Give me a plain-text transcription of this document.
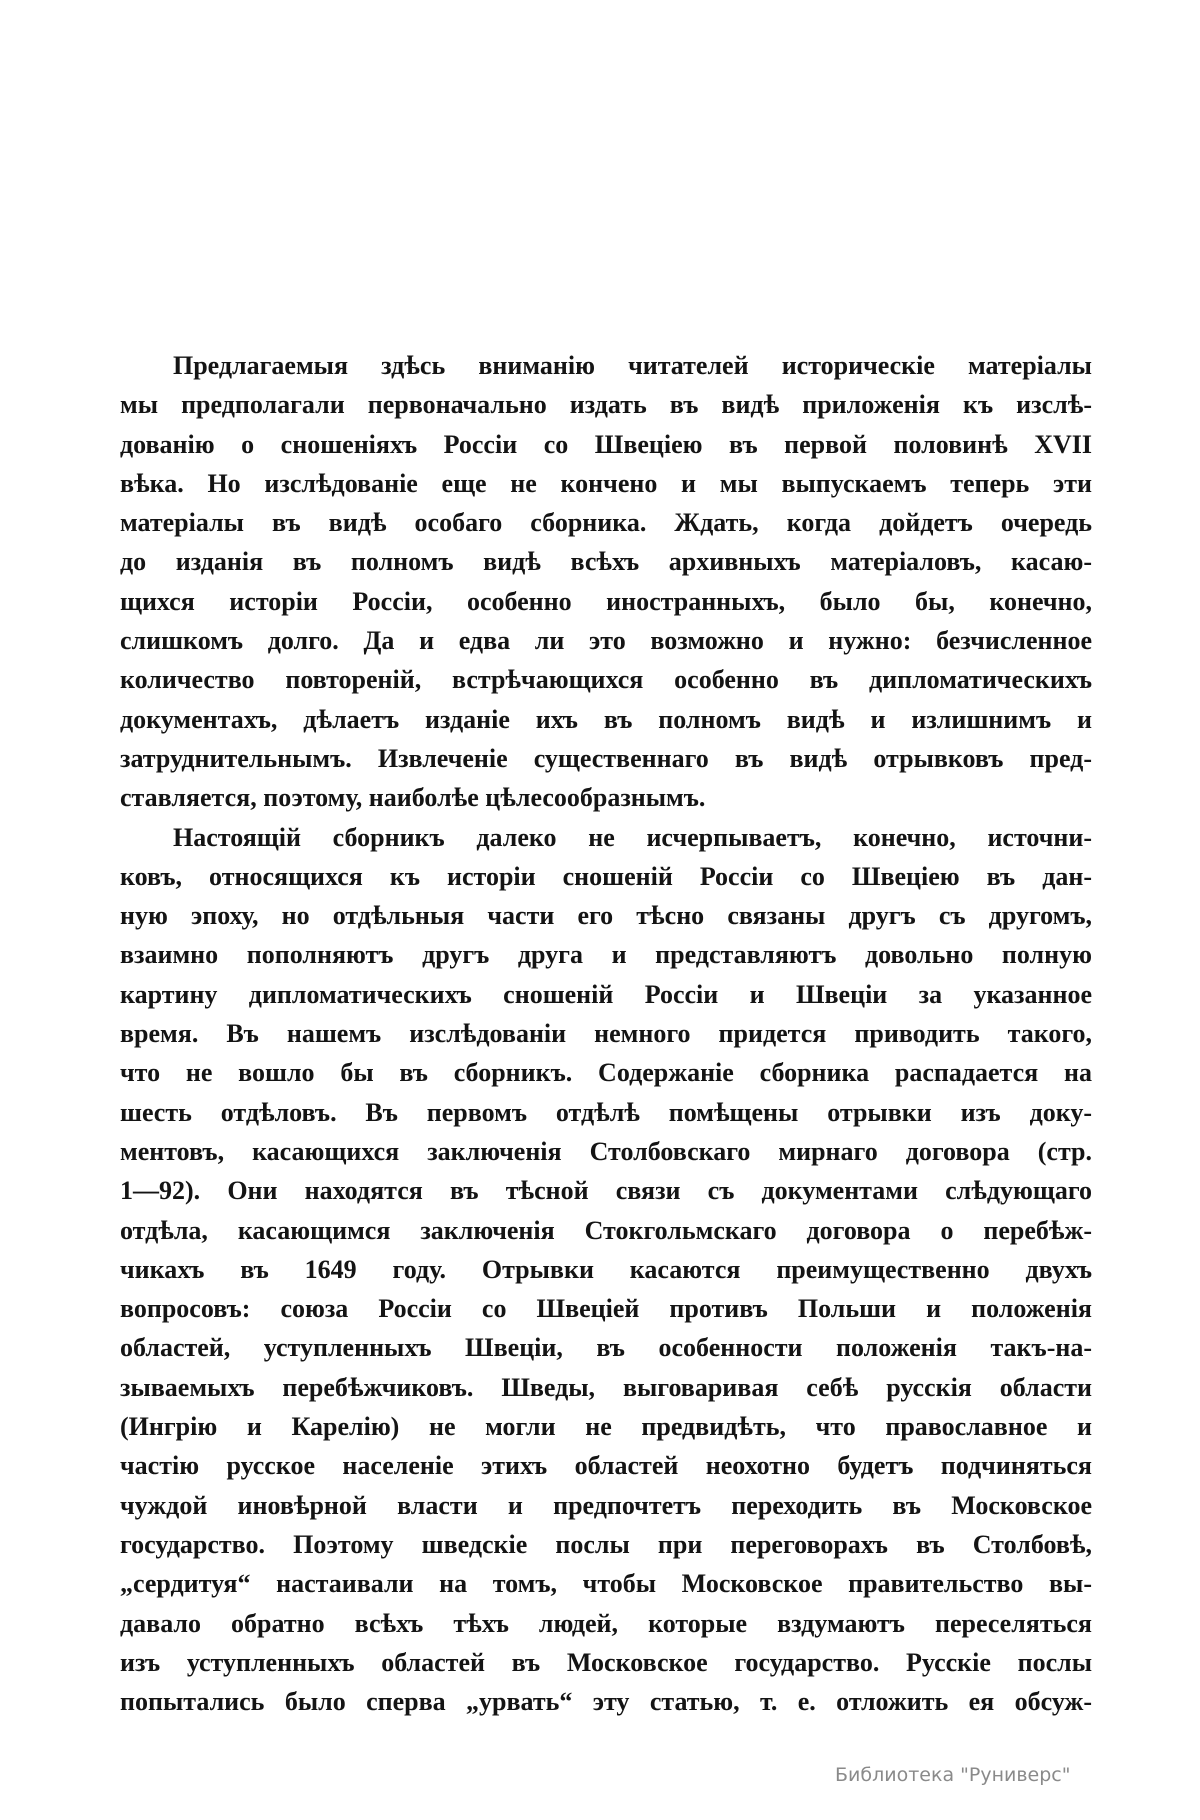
Предлагаемыя здѣсь вниманію читателей историческіе матеріалы
мы предполагали первоначально издать въ видѣ приложенія къ изслѣ-
дованію о сношеніяхъ Россіи со Швеціею въ первой половинѣ XVII
вѣка. Но изслѣдованіе еще не кончено и мы выпускаемъ теперь эти
матеріалы въ видѣ особаго сборника. Ждать, когда дойдетъ очередь
до изданія въ полномъ видѣ всѣхъ архивныхъ матеріаловъ, касаю-
щихся исторіи Россіи, особенно иностранныхъ, было бы, конечно,
слишкомъ долго. Да и едва ли это возможно и нужно: безчисленное
количество повтореній, встрѣчающихся особенно въ дипломатическихъ
документахъ, дѣлаетъ изданіе ихъ въ полномъ видѣ и излишнимъ и
затруднительнымъ. Извлеченіе существеннаго въ видѣ отрывковъ пред-
ставляется, поэтому, наиболѣе цѣлесообразнымъ.
Настоящій сборникъ далеко не исчерпываетъ, конечно, источни-
ковъ, относящихся къ исторіи сношеній Россіи со Швеціею въ дан-
ную эпоху, но отдѣльныя части его тѣсно связаны другъ съ другомъ,
взаимно пополняютъ другъ друга и представляютъ довольно полную
картину дипломатическихъ сношеній Россіи и Швеціи за указанное
время. Въ нашемъ изслѣдованіи немного придется приводить такого,
что не вошло бы въ сборникъ. Содержаніе сборника распадается на
шесть отдѣловъ. Въ первомъ отдѣлѣ помѣщены отрывки изъ доку-
ментовъ, касающихся заключенія Столбовскаго мирнаго договора (стр.
1—92). Они находятся въ тѣсной связи съ документами слѣдующаго
отдѣла, касающимся заключенія Стокгольмскаго договора о перебѣж-
чикахъ въ 1649 году. Отрывки касаются преимущественно двухъ
вопросовъ: союза Россіи со Швеціей противъ Польши и положенія
областей, уступленныхъ Швеціи, въ особенности положенія такъ-на-
зываемыхъ перебѣжчиковъ. Шведы, выговаривая себѣ русскія области
(Ингрію и Карелію) не могли не предвидѣть, что православное и
частію русское населеніе этихъ областей неохотно будетъ подчиняться
чуждой иновѣрной власти и предпочтетъ переходить въ Московское
государство. Поэтому шведскіе послы при переговорахъ въ Столбовѣ,
„сердитуя“ настаивали на томъ, чтобы Московское правительство вы-
давало обратно всѣхъ тѣхъ людей, которые вздумаютъ переселяться
изъ уступленныхъ областей въ Московское государство. Русскіе послы
попытались было сперва „урвать“ эту статью, т. е. отложить ея обсуж-
Библиотека "Руниверс"
